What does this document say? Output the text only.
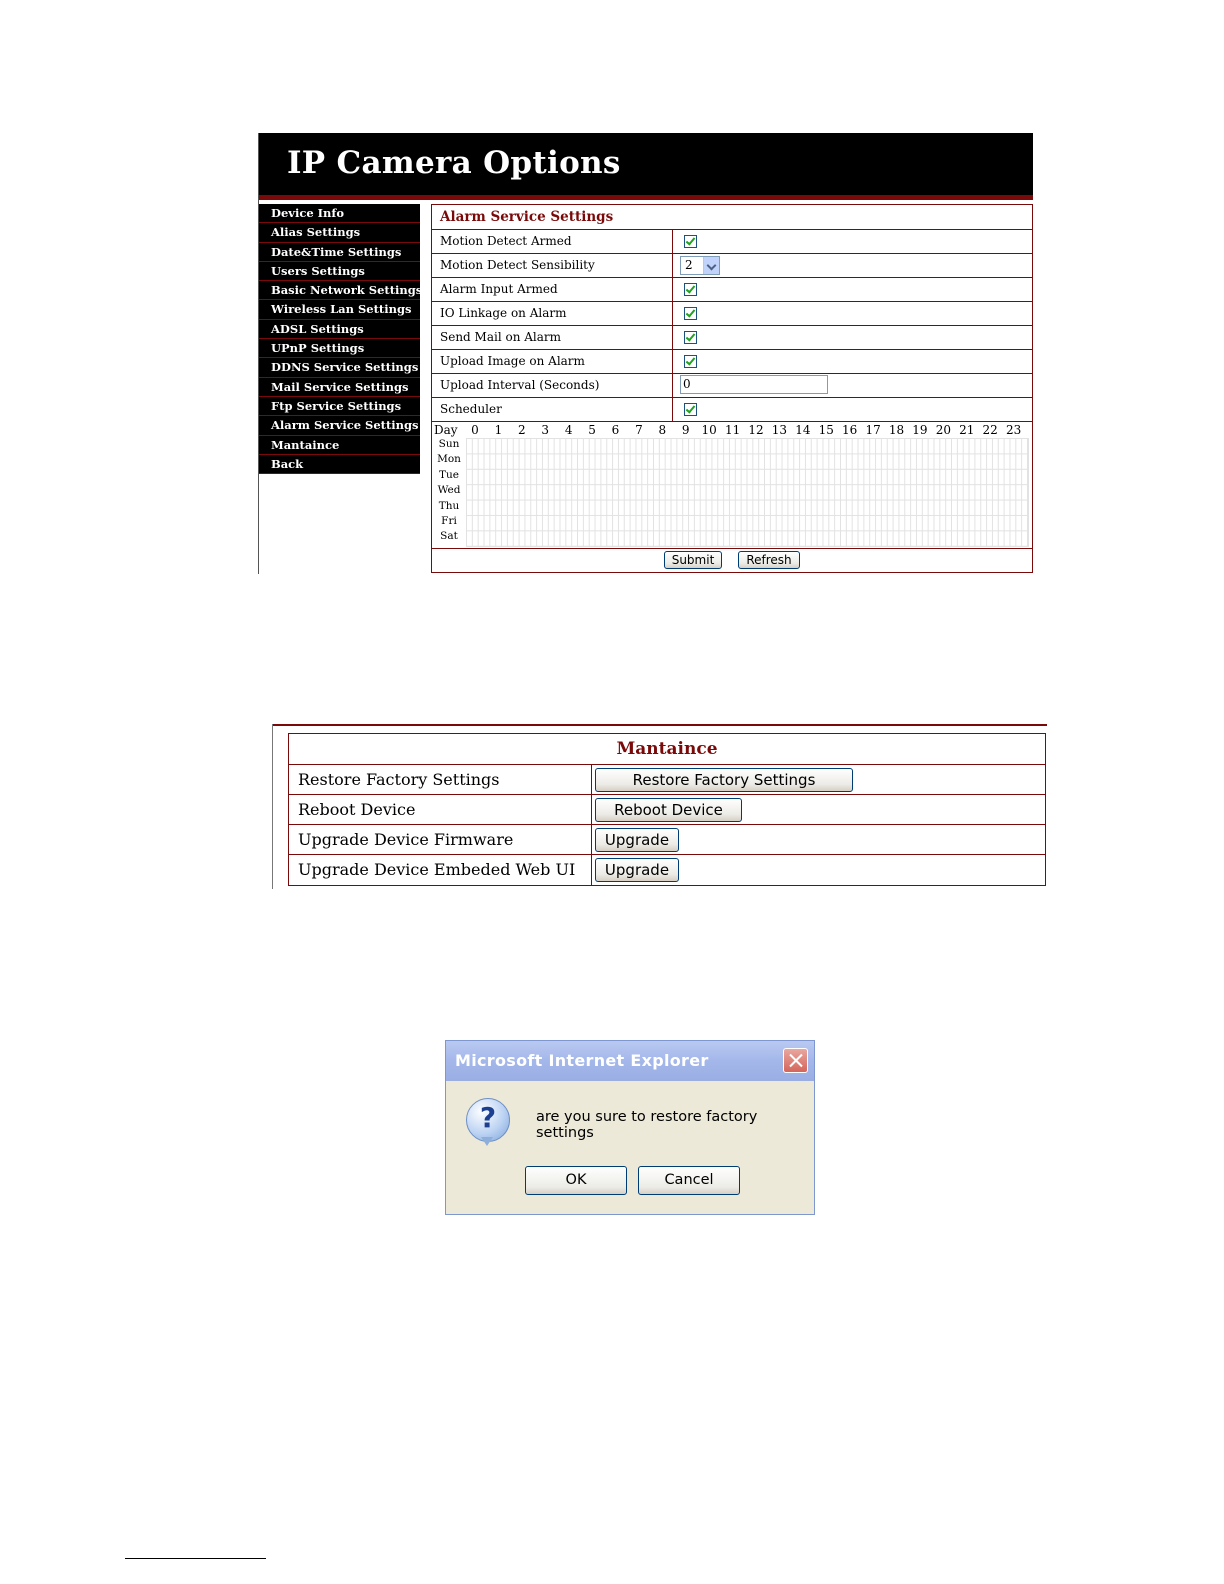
IP Camera Options
Device Info
Alias Settings
Date&Time Settings
Users Settings
Basic Network Settings
Wireless Lan Settings
ADSL Settings
UPnP Settings
DDNS Service Settings
Mail Service Settings
Ftp Service Settings
Alarm Service Settings
Mantaince
Back
Alarm Service Settings
Motion Detect Armed
Motion Detect Sensibility	2
Alarm Input Armed
IO Linkage on Alarm
Send Mail on Alarm
Upload Image on Alarm
Upload Interval (Seconds)	0
Scheduler
Day	0	1	2	3	4	5	6	7	8	9 10 11 12 13 14 15 16 17 18 19 20 21 22 23
Sun
Mon
Tue
Wed
Thu
Fri
Sat
Submit	Refresh
Mantaince
Restore Factory Settings	Restore Factory Settings
Reboot Device	Reboot Device
Upgrade Device Firmware	Upgrade
Upgrade Device Embeded Web UI	Upgrade
Microsoft Internet Explorer
?	are you sure to restore factory settings
OK	Cancel
